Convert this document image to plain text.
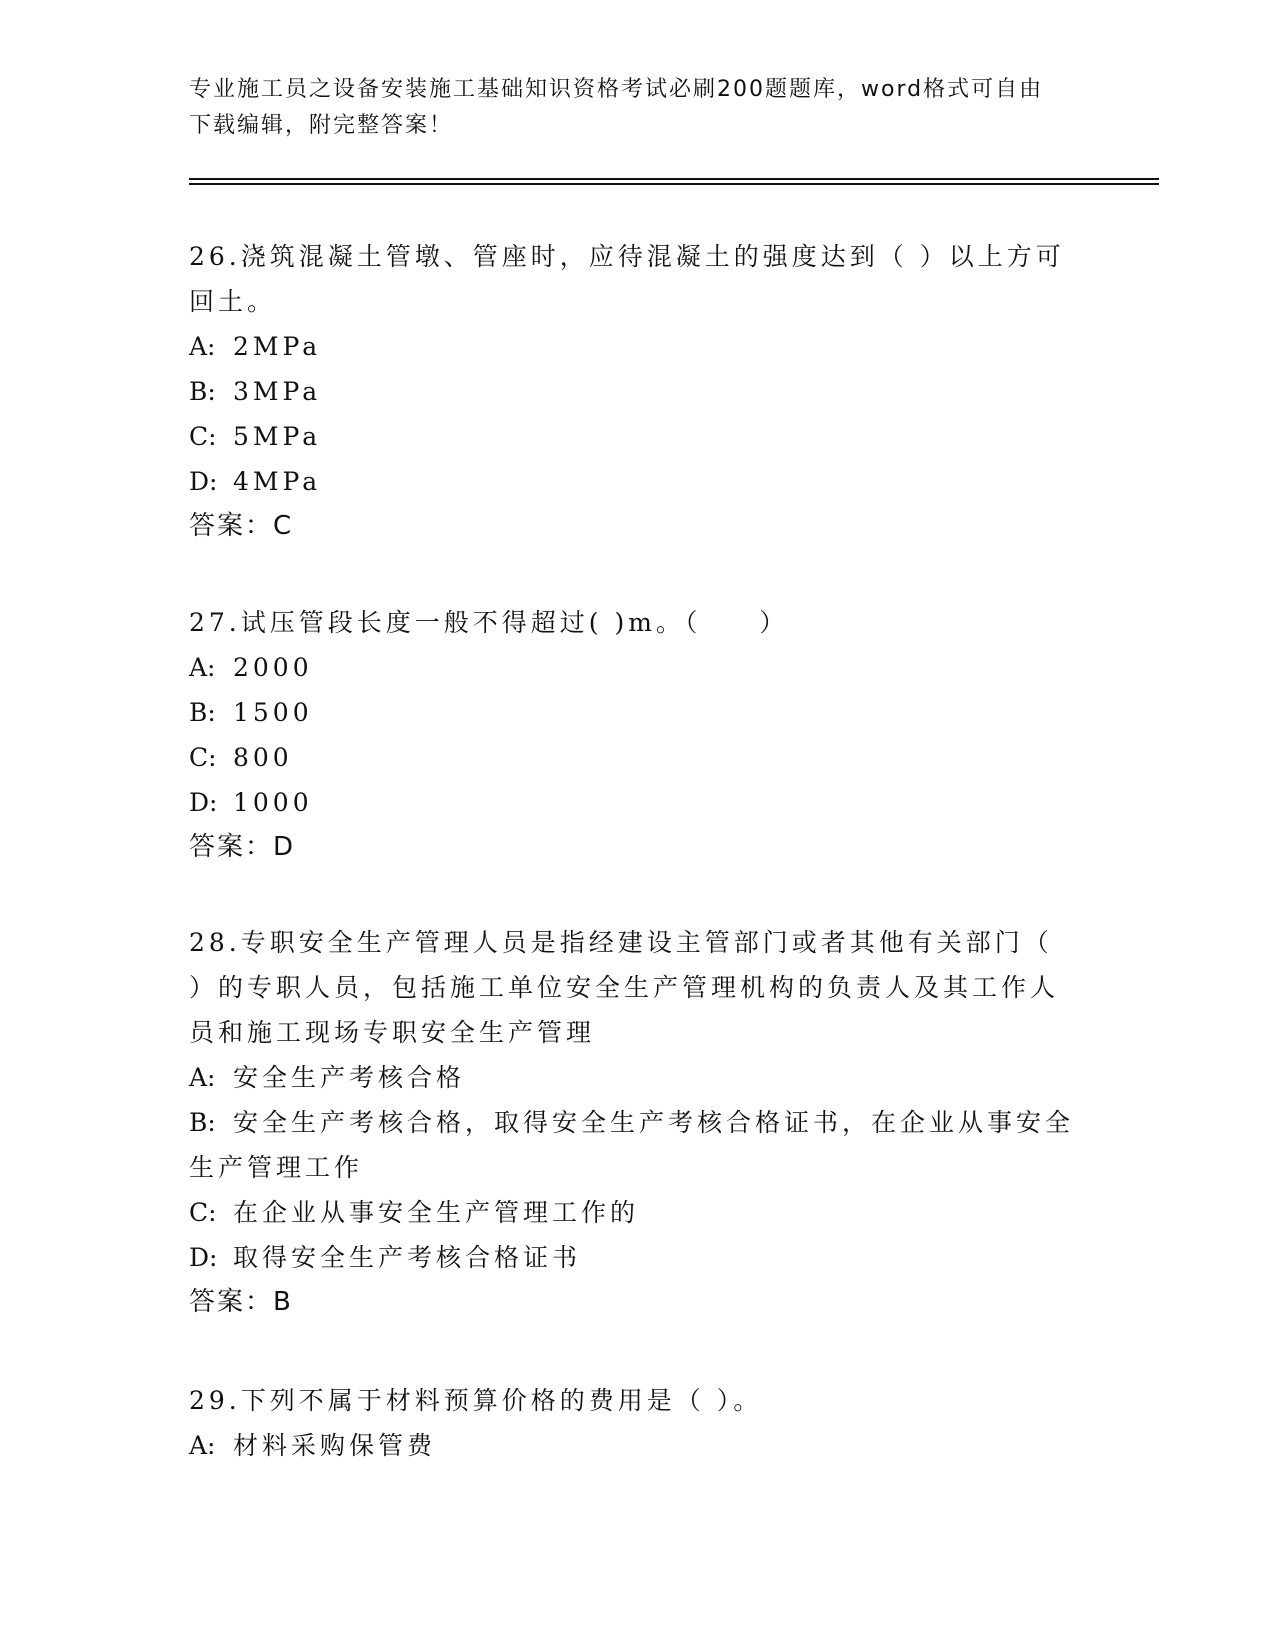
专业施工员之设备安装施工基础知识资格考试必刷200题题库，word格式可自由
下载编辑，附完整答案！

26.浇筑混凝土管墩、管座时，应待混凝土的强度达到（ ）以上方可

回土。

A: 2MPa

B: 3MPa

C: 5MPa

D: 4MPa

答案：C

27.试压管段长度一般不得超过( )m。（　　）

A: 2000

B: 1500

C: 800

D: 1000

答案：D

28.专职安全生产管理人员是指经建设主管部门或者其他有关部门（

）的专职人员，包括施工单位安全生产管理机构的负责人及其工作人

员和施工现场专职安全生产管理

A: 安全生产考核合格

B: 安全生产考核合格，取得安全生产考核合格证书，在企业从事安全

生产管理工作

C: 在企业从事安全生产管理工作的

D: 取得安全生产考核合格证书

答案：B

29.下列不属于材料预算价格的费用是（ ）。

A: 材料采购保管费
